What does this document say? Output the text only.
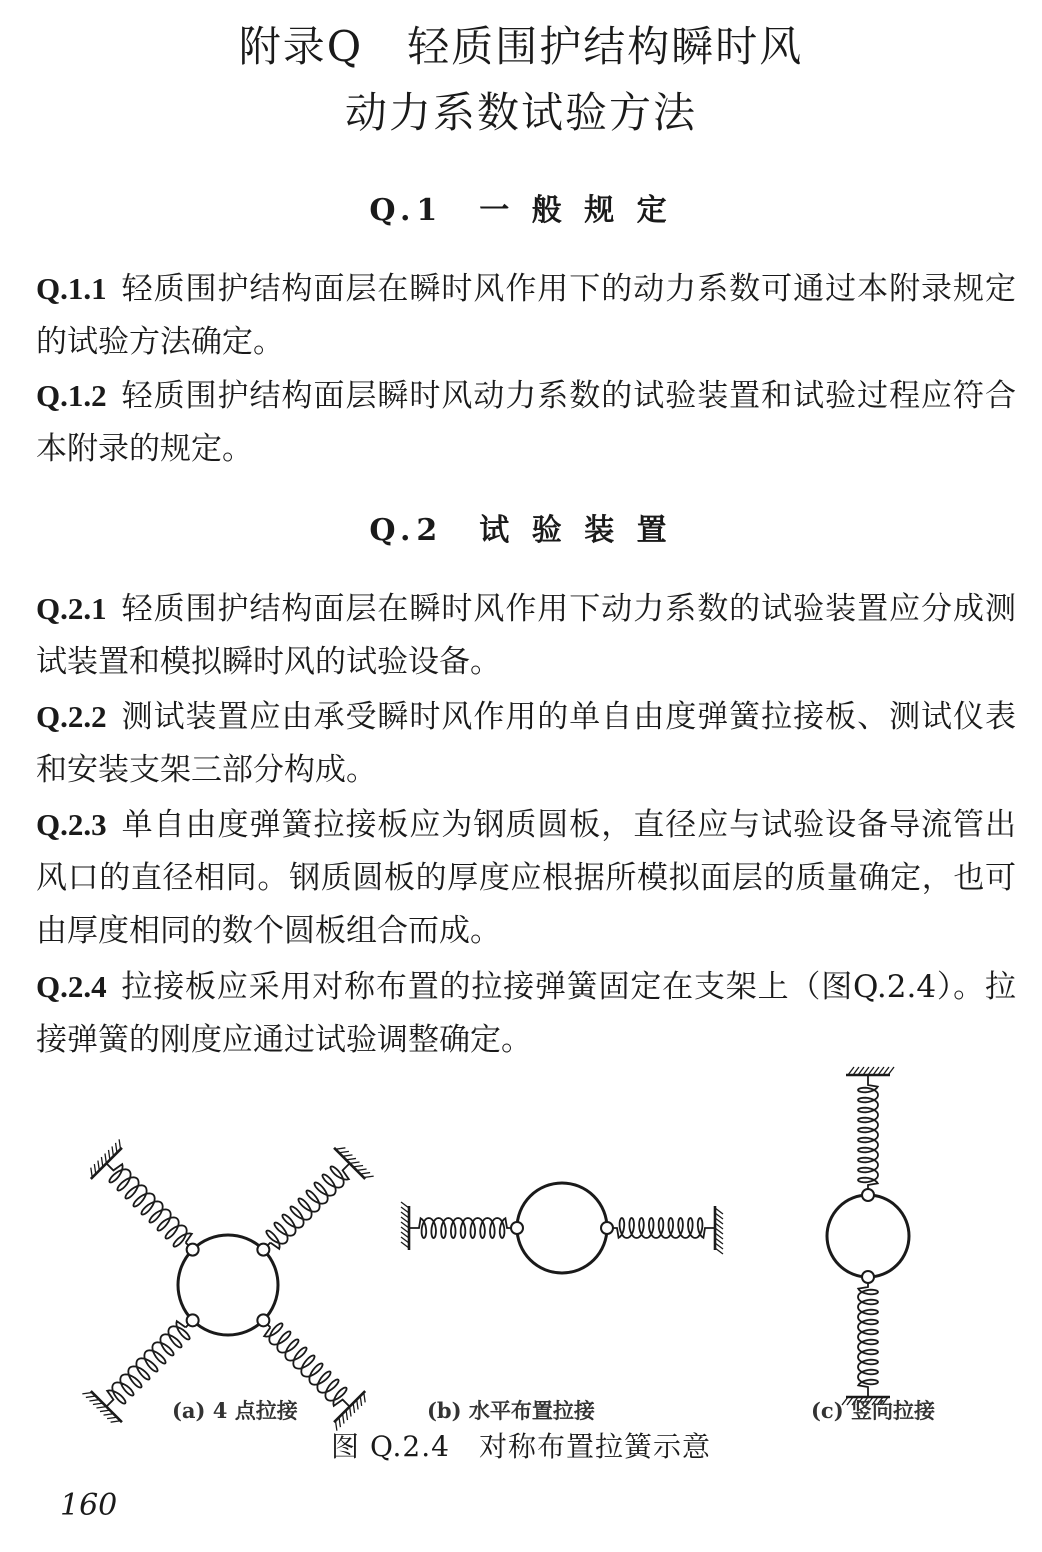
附录Q　轻质围护结构瞬时风
动力系数试验方法
Q.1　一 般 规 定

Q.1.1 轻质围护结构面层在瞬时风作用下的动力系数可通过本附录规定的试验方法确定。

Q.1.2 轻质围护结构面层瞬时风动力系数的试验装置和试验过程应符合本附录的规定。

Q.2　试 验 装 置

Q.2.1 轻质围护结构面层在瞬时风作用下动力系数的试验装置应分成测试装置和模拟瞬时风的试验设备。

Q.2.2 测试装置应由承受瞬时风作用的单自由度弹簧拉接板、测试仪表和安装支架三部分构成。

Q.2.3 单自由度弹簧拉接板应为钢质圆板，直径应与试验设备导流管出风口的直径相同。钢质圆板的厚度应根据所模拟面层的质量确定，也可由厚度相同的数个圆板组合而成。

Q.2.4 拉接板应采用对称布置的拉接弹簧固定在支架上（图Q.2.4）。拉接弹簧的刚度应通过试验调整确定。

(a) 4 点拉接	(b) 水平布置拉接	(c) 竖向拉接
图 Q.2.4　对称布置拉簧示意
160
